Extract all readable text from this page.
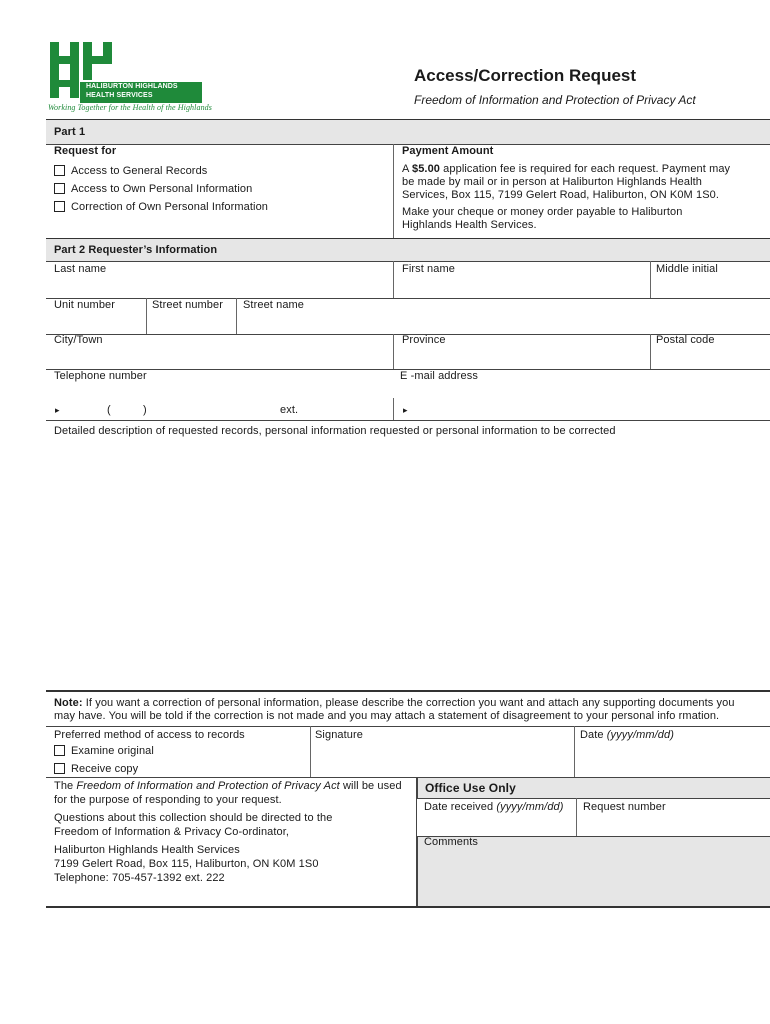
HALIBURTON HIGHLANDS
HEALTH SERVICES
Working Together for the Health of the Highlands
Access/Correction Request
Freedom of Information and Protection of Privacy Act
Part 1
Request for
Access to General Records
Access to Own Personal Information
Correction of Own Personal Information
Payment Amount
A $5.00 application fee is required for each request. Payment may
be made by mail or in person at Haliburton Highlands Health
Services, Box 115, 7199 Gelert Road, Haliburton, ON K0M 1S0.
Make your cheque or money order payable to Haliburton
Highlands Health Services.
Part 2 Requester’s Information
Last name	First name	Middle initial
Unit number	Street number Street name
City/Town	Province	Postal code
Telephone number	E -mail address
▸	(	)	ext.	▸
Detailed description of requested records, personal information requested or personal information to be corrected
Note: If you want a correction of personal information, please describe the correction you want and attach any supporting documents you
may have. You will be told if the correction is not made and you may attach a statement of disagreement to your personal info rmation.
Preferred method of access to records
Examine original
Receive copy
Signature	Date (yyyy/mm/dd)
The Freedom of Information and Protection of Privacy Act will be used
for the purpose of responding to your request.
Questions about this collection should be directed to the
Freedom of Information & Privacy Co-ordinator,
Haliburton Highlands Health Services
7199 Gelert Road, Box 115, Haliburton, ON K0M 1S0
Telephone: 705-457-1392 ext. 222
Office Use Only
Date received (yyyy/mm/dd) Request number
Comments
